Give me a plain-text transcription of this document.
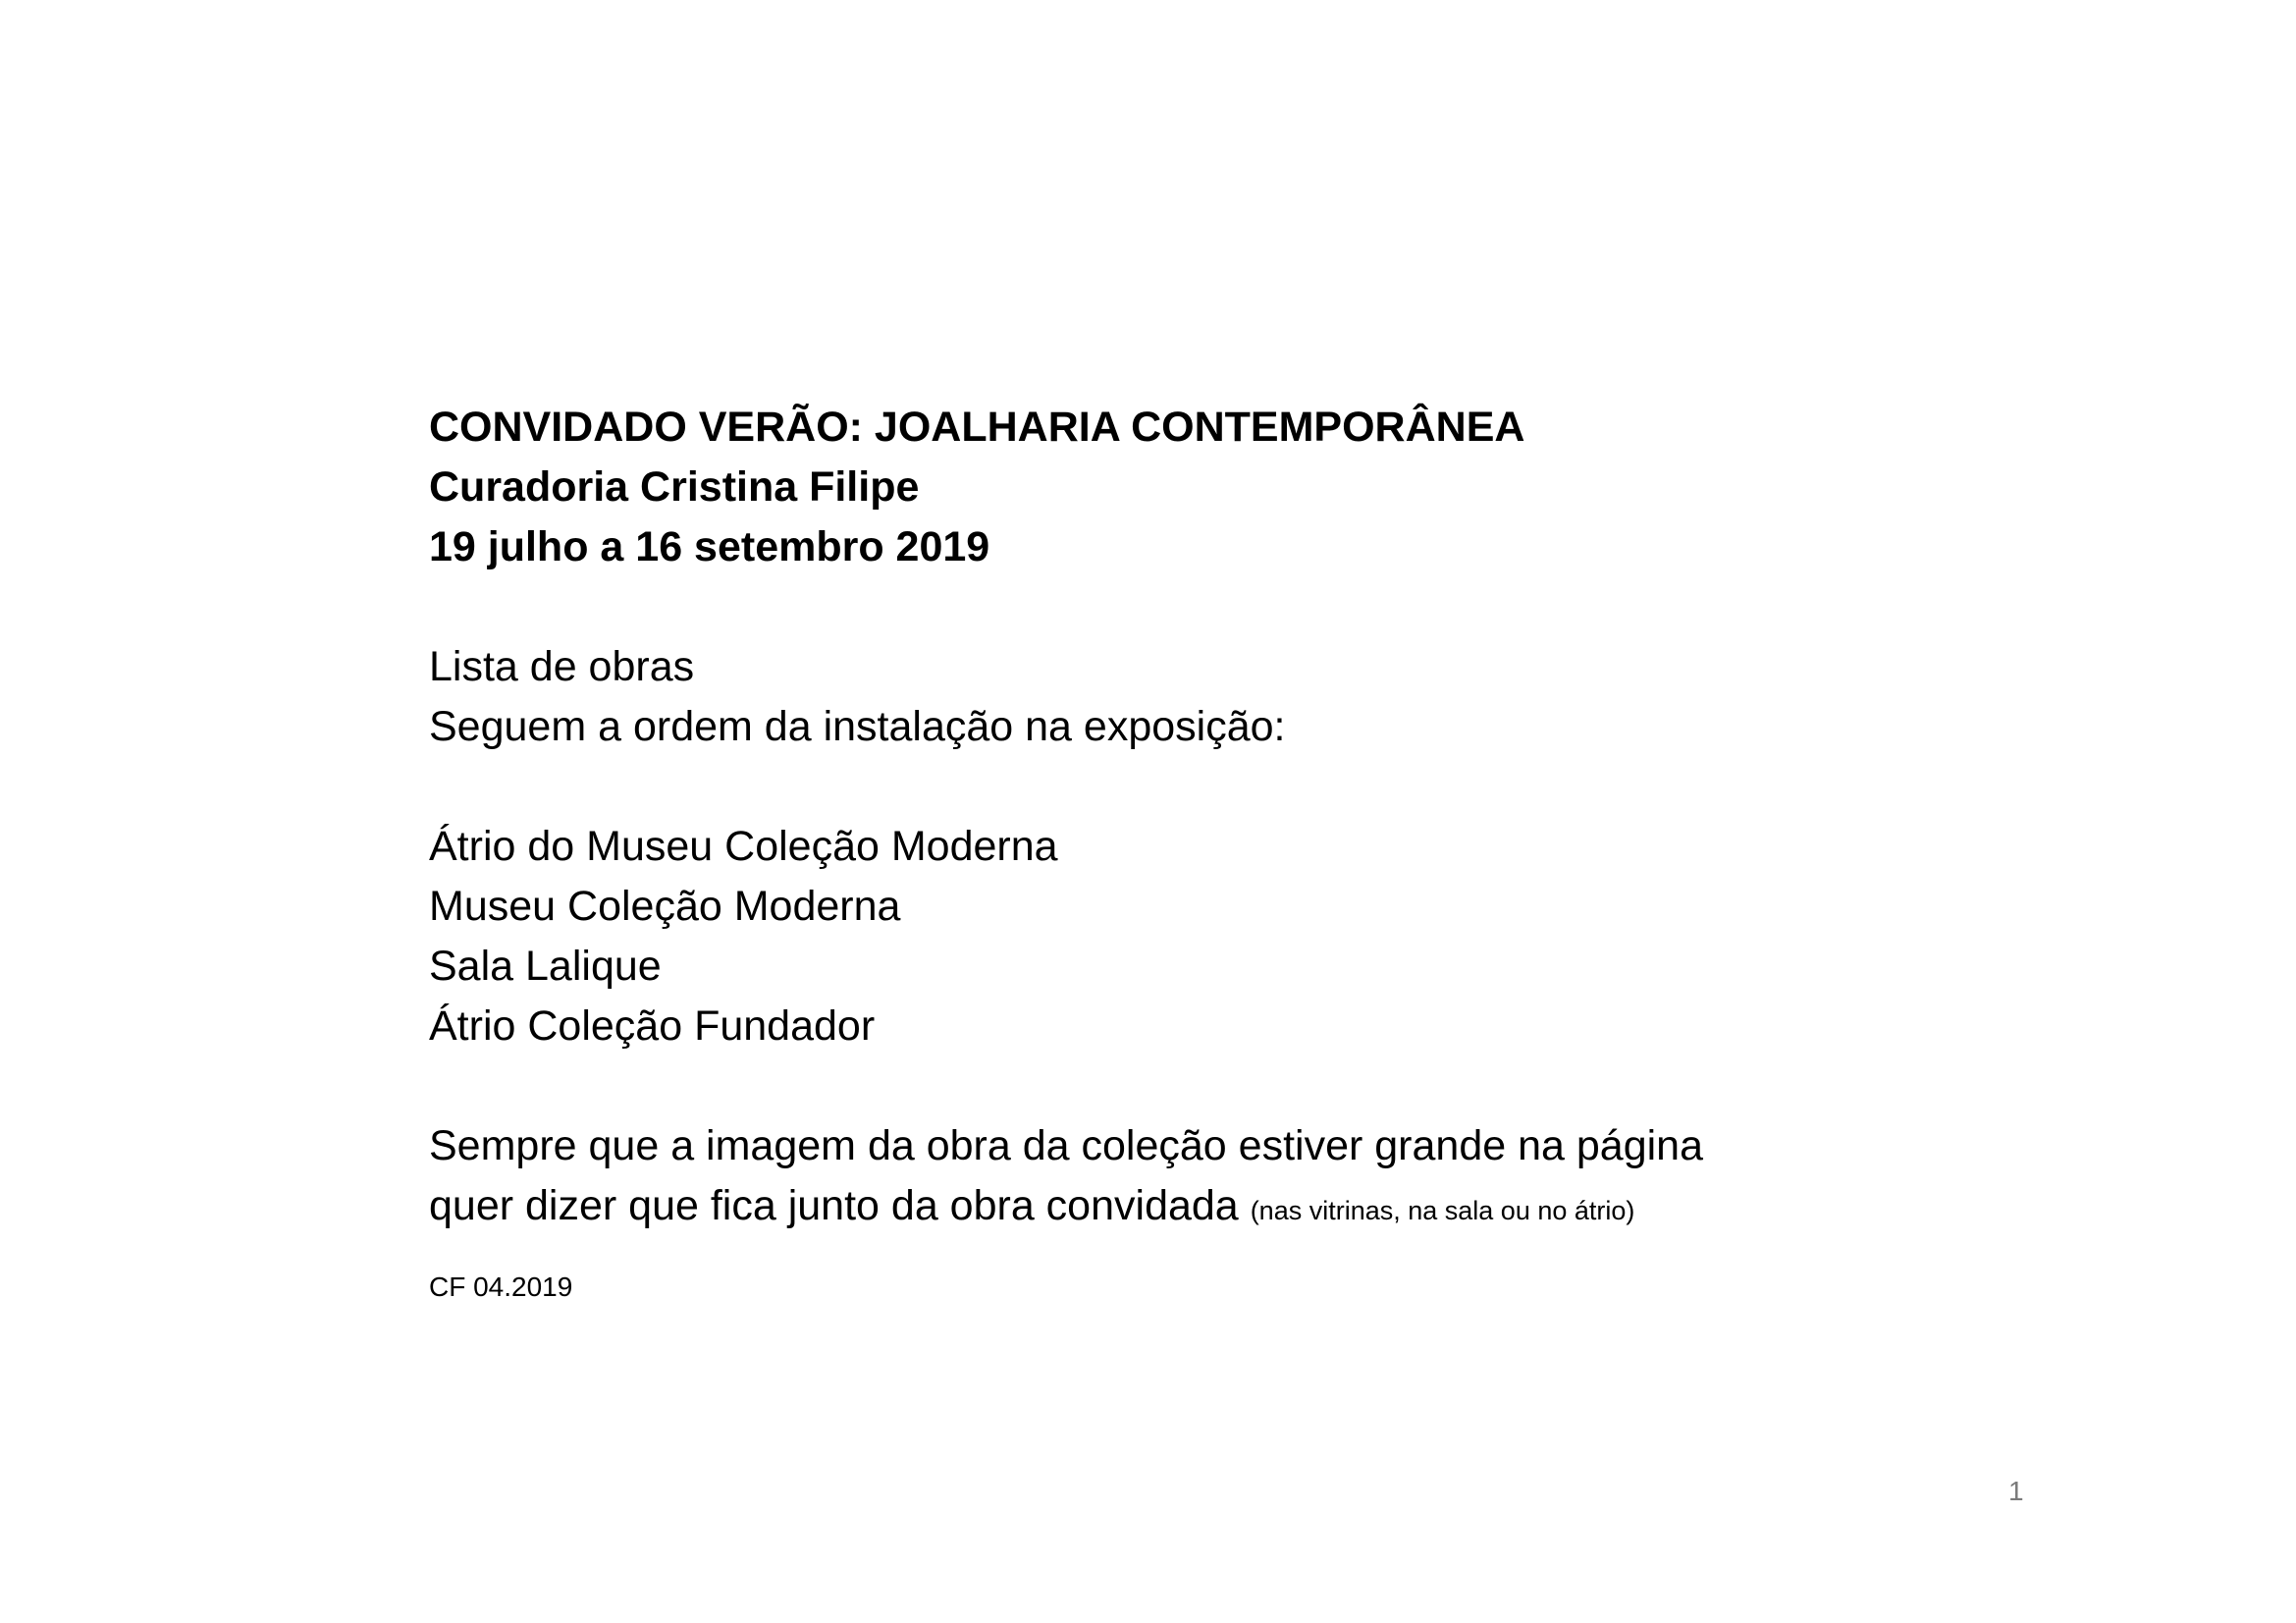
CONVIDADO VERÃO: JOALHARIA CONTEMPORÂNEA

Curadoria Cristina Filipe

19 julho a 16 setembro 2019

Lista de obras

Seguem a ordem da instalação na exposição:

Átrio do Museu Coleção Moderna

Museu Coleção Moderna

Sala Lalique

Átrio Coleção Fundador

Sempre que a imagem da obra da coleção estiver grande na página

quer dizer que fica junto da obra convidada (nas vitrinas, na sala ou no átrio)

CF 04.2019
1
